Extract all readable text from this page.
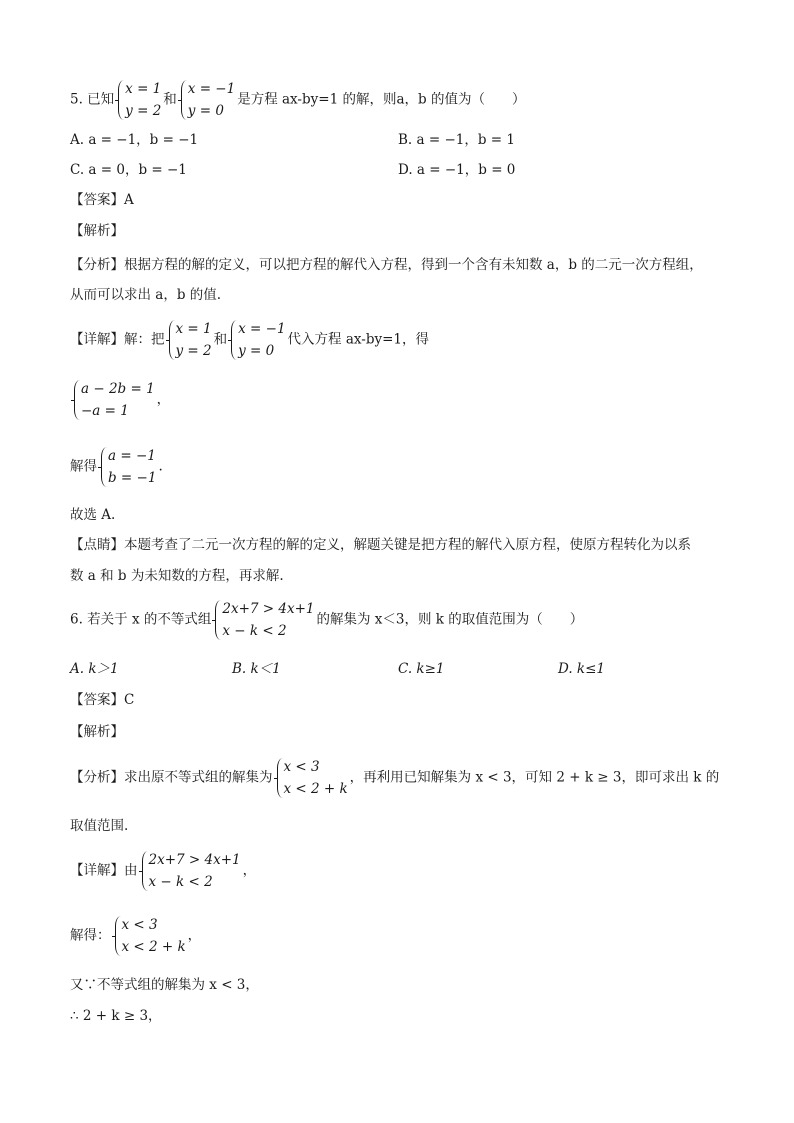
5. 已知
x = 1
y = 2
和
x = −1
y = 0
是方程 ax-by=1 的解，则a，b 的值为（　　）
A. a = −1，b = −1	B. a = −1，b = 1
C. a = 0，b = −1	D. a = −1，b = 0
【答案】A
【解析】
【分析】根据方程的解的定义，可以把方程的解代入方程，得到一个含有未知数 a，b 的二元一次方程组，
从而可以求出 a，b 的值.
【详解】解：把
x = 1
y = 2
和
x = −1
y = 0
代入方程 ax-by=1，得
a − 2b = 1
−a = 1
，
解得
a = −1
b = −1
.
故选 A.
【点睛】本题考查了二元一次方程的解的定义，解题关键是把方程的解代入原方程，使原方程转化为以系
数 a 和 b 为未知数的方程，再求解.
6. 若关于 x 的不等式组
2x+7 > 4x+1
x − k < 2
的解集为 x＜3，则 k 的取值范围为（　　）
A. k＞1	B. k＜1	C. k≥1	D. k≤1
【答案】C
【解析】
【分析】求出原不等式组的解集为
x < 3
x < 2 + k
，再利用已知解集为 x < 3，可知 2 + k ≥ 3，即可求出 k 的
取值范围.
【详解】由
2x+7 > 4x+1
x − k < 2
，
解得：
x < 3
x < 2 + k
，
又∵不等式组的解集为 x < 3，
∴ 2 + k ≥ 3，
